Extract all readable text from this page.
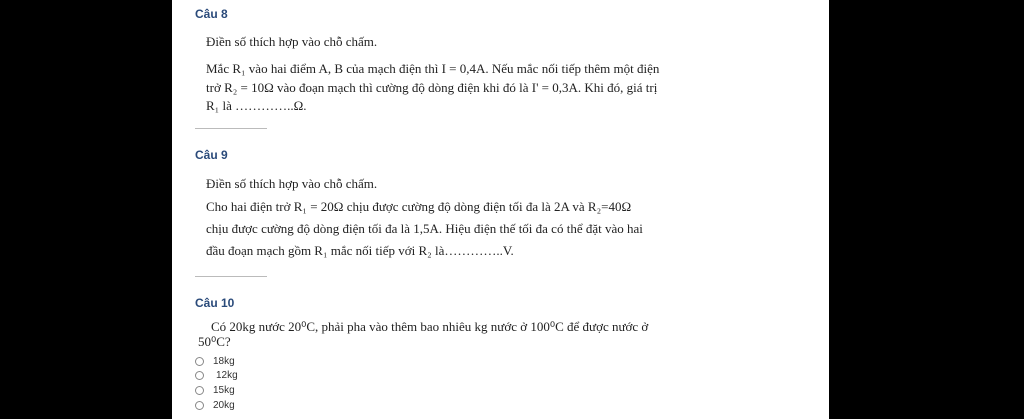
Câu 8
Điền số thích hợp vào chỗ chấm.
Mắc R₁ vào hai điểm A, B của mạch điện thì I = 0,4A. Nếu mắc nối tiếp thêm một điện
trở R₂ = 10Ω vào đoạn mạch thì cường độ dòng điện khi đó là I' = 0,3A. Khi đó, giá trị
R₁ là …………..Ω.
Câu 9
Điền số thích hợp vào chỗ chấm.
Cho hai điện trở R₁ = 20Ω chịu được cường độ dòng điện tối đa là 2A và R₂=40Ω
chịu được cường độ dòng điện tối đa là 1,5A. Hiệu điện thế tối đa có thể đặt vào hai
đầu đoạn mạch gồm R₁ mắc nối tiếp với R₂ là…………..V.
Câu 10
Có 20kg nước 20⁰C, phải pha vào thêm bao nhiêu kg nước ở 100⁰C để được nước ở
50⁰C?
18kg
12kg
15kg
20kg
